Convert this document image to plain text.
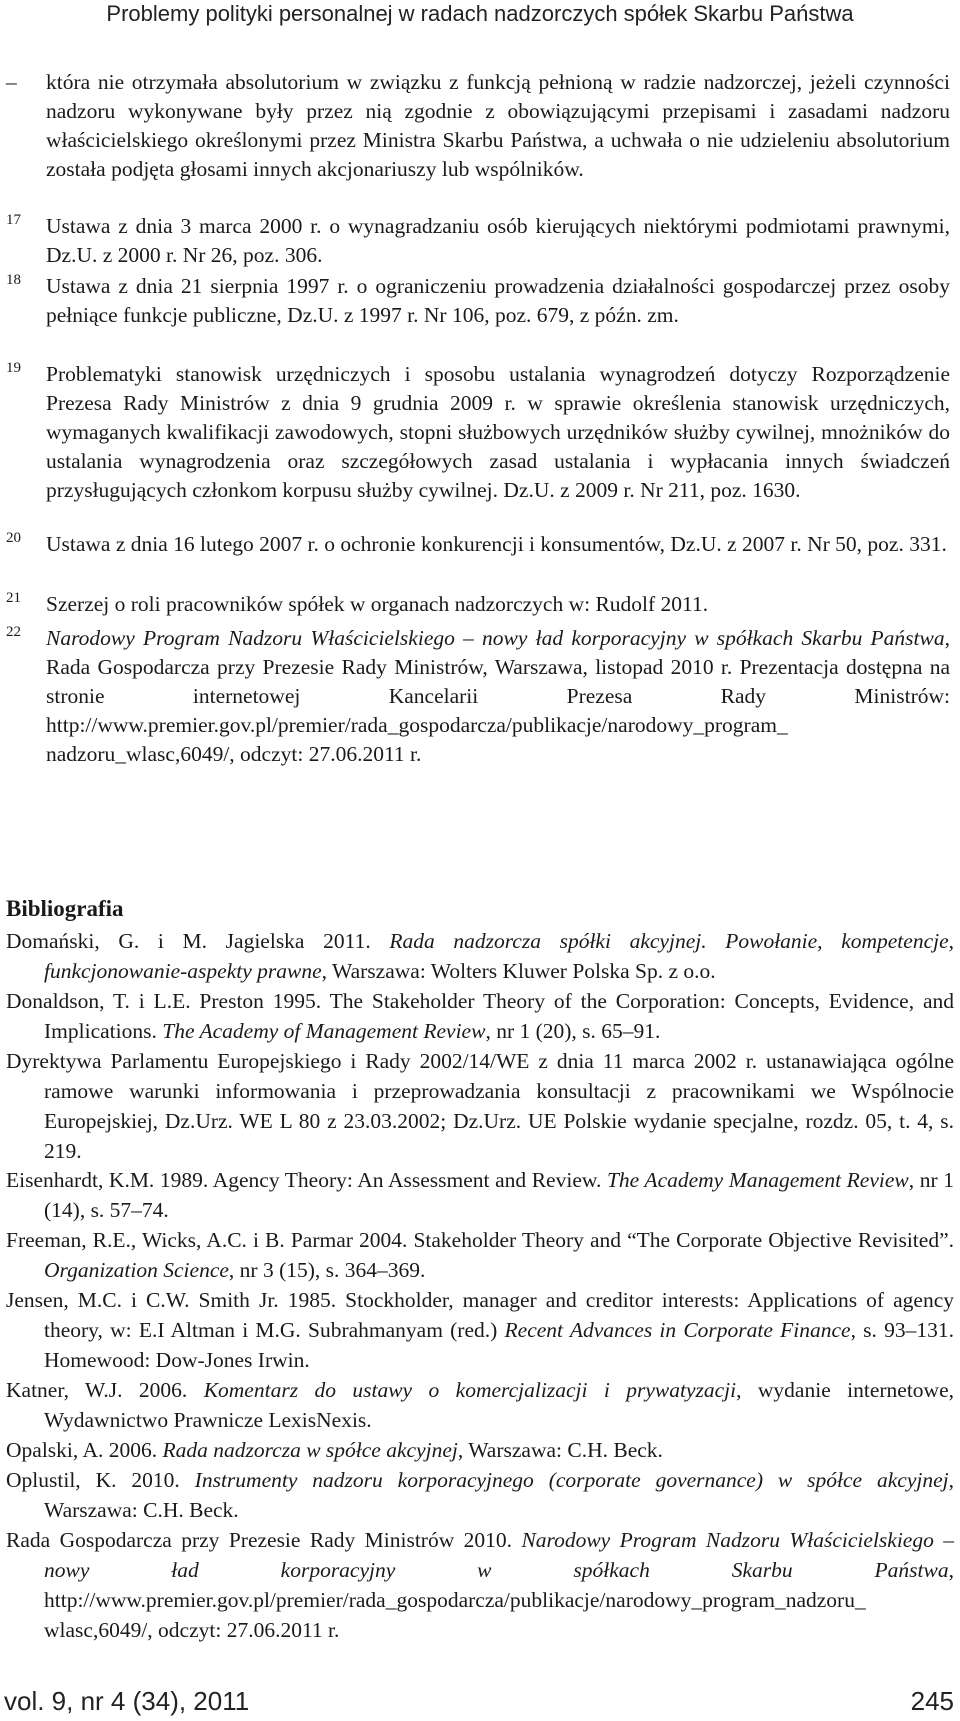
Problemy polityki personalnej w radach nadzorczych spółek Skarbu Państwa
– która nie otrzymała absolutorium w związku z funkcją pełnioną w radzie nadzorczej, jeżeli czynności nadzoru wykonywane były przez nią zgodnie z obowiązującymi przepisami i zasadami nadzoru właścicielskiego określonymi przez Ministra Skarbu Państwa, a uchwała o nie udzieleniu absolutorium została podjęta głosami innych akcjonariuszy lub wspólników.
17 Ustawa z dnia 3 marca 2000 r. o wynagradzaniu osób kierujących niektórymi podmiotami prawnymi, Dz.U. z 2000 r. Nr 26, poz. 306.
18 Ustawa z dnia 21 sierpnia 1997 r. o ograniczeniu prowadzenia działalności gospodarczej przez osoby pełniące funkcje publiczne, Dz.U. z 1997 r. Nr 106, poz. 679, z późn. zm.
19 Problematyki stanowisk urzędniczych i sposobu ustalania wynagrodzeń dotyczy Rozporządzenie Prezesa Rady Ministrów z dnia 9 grudnia 2009 r. w sprawie określenia stanowisk urzędniczych, wymaganych kwalifikacji zawodowych, stopni służbowych urzędników służby cywilnej, mnożników do ustalania wynagrodzenia oraz szczegółowych zasad ustalania i wypłacania innych świadczeń przysługujących członkom korpusu służby cywilnej. Dz.U. z 2009 r. Nr 211, poz. 1630.
20 Ustawa z dnia 16 lutego 2007 r. o ochronie konkurencji i konsumentów, Dz.U. z 2007 r. Nr 50, poz. 331.
21 Szerzej o roli pracowników spółek w organach nadzorczych w: Rudolf 2011.
22 Narodowy Program Nadzoru Właścicielskiego – nowy ład korporacyjny w spółkach Skarbu Państwa, Rada Gospodarcza przy Prezesie Rady Ministrów, Warszawa, listopad 2010 r. Prezentacja dostępna na stronie internetowej Kancelarii Prezesa Rady Ministrów: http://www.premier.gov.pl/premier/rada_gospodarcza/publikacje/narodowy_program_ nadzoru_wlasc,6049/, odczyt: 27.06.2011 r.
Bibliografia
Domański, G. i M. Jagielska 2011. Rada nadzorcza spółki akcyjnej. Powołanie, kompetencje, funkcjonowanie-aspekty prawne, Warszawa: Wolters Kluwer Polska Sp. z o.o.
Donaldson, T. i L.E. Preston 1995. The Stakeholder Theory of the Corporation: Concepts, Evidence, and Implications. The Academy of Management Review, nr 1 (20), s. 65–91.
Dyrektywa Parlamentu Europejskiego i Rady 2002/14/WE z dnia 11 marca 2002 r. ustanawiająca ogólne ramowe warunki informowania i przeprowadzania konsultacji z pracownikami we Wspólnocie Europejskiej, Dz.Urz. WE L 80 z 23.03.2002; Dz.Urz. UE Polskie wydanie specjalne, rozdz. 05, t. 4, s. 219.
Eisenhardt, K.M. 1989. Agency Theory: An Assessment and Review. The Academy Management Review, nr 1 (14), s. 57–74.
Freeman, R.E., Wicks, A.C. i B. Parmar 2004. Stakeholder Theory and “The Corporate Objective Revisited”. Organization Science, nr 3 (15), s. 364–369.
Jensen, M.C. i C.W. Smith Jr. 1985. Stockholder, manager and creditor interests: Applications of agency theory, w: E.I Altman i M.G. Subrahmanyam (red.) Recent Advances in Corporate Finance, s. 93–131. Homewood: Dow-Jones Irwin.
Katner, W.J. 2006. Komentarz do ustawy o komercjalizacji i prywatyzacji, wydanie internetowe, Wydawnictwo Prawnicze LexisNexis.
Opalski, A. 2006. Rada nadzorcza w spółce akcyjnej, Warszawa: C.H. Beck.
Oplustil, K. 2010. Instrumenty nadzoru korporacyjnego (corporate governance) w spółce akcyjnej, Warszawa: C.H. Beck.
Rada Gospodarcza przy Prezesie Rady Ministrów 2010. Narodowy Program Nadzoru Właścicielskiego – nowy ład korporacyjny w spółkach Skarbu Państwa, http://www.premier.gov.pl/premier/rada_gospodarcza/publikacje/narodowy_program_nadzoru_ wlasc,6049/, odczyt: 27.06.2011 r.
vol. 9, nr 4 (34), 2011	245
